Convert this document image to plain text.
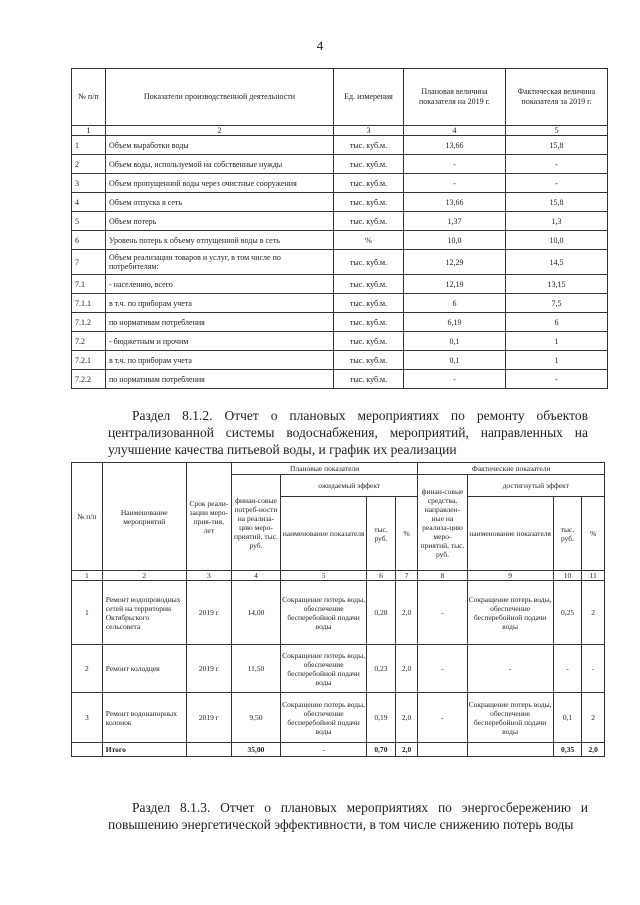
4
№ п/п	Показатели производственной деятельности	Ед. измерения	Плановая величина показателя на 2019 г.	Фактическая величина показателя за 2019 г.
1	2	3	4	5
1	Объем выработки воды	тыс. куб.м.	13,66	15,8
2	Объем воды, используемой на собственные нужды	тыс. куб.м.	-	-
3	Объем пропущенной воды через очистные сооружения	тыс. куб.м.	-	-
4	Объем отпуска в сеть	тыс. куб.м.	13,66	15,8
5	Объем потерь	тыс. куб.м.	1,37	1,3
6	Уровень потерь к объему отпущенной воды в сеть	%	10,0	10,0
7	Объем реализации товаров и услуг, в том числе по потребителям:	тыс. куб.м.	12,29	14,5
7.1	- населению, всего	тыс. куб.м.	12,19	13,15
7.1.1	в т.ч. по приборам учета	тыс. куб.м.	6	7,5
7.1.2	по нормативам потребления	тыс. куб.м.	6,19	6
7.2	- бюджетным и прочим	тыс. куб.м.	0,1	1
7.2.1	в т.ч. по приборам учета	тыс. куб.м.	0,1	1
7.2.2	по нормативам потребления	тыс. куб.м.	-	-
Раздел 8.1.2. Отчет о плановых мероприятиях по ремонту объектов централизованной системы водоснабжения, мероприятий, направленных на улучшение качества питьевой воды, и график их реализации
№ п/п	Наименование мероприятий	Срок реали-зации меро-прия-тия, лет	Плановые показатели				Фактические показатели			
			финан-совые потреб-ности на реализа-цию меро-приятий, тыс. руб.	ожидаемый эффект			финан-совые средства, направлен-ные на реализа-цию меро-приятий, тыс. руб.	достигнутый эффект		
				наименование показателя	тыс. руб.	%		наименование показателя	тыс. руб.	%
1	2	3	4	5	6	7	8	9	10	11
1	Ремонт водопроводных сетей на территории Октябрьского сельсовета	2019 г	14,00	Сокращение потерь воды, обеспечение бесперебойной подачи воды	0,28	2,0	-	Сокращение потерь воды, обеспечение бесперебойной подачи воды	0,25	2
2	Ремонт колодцев	2019 г	11,50	Сокращение потерь воды, обеспечение бесперебойной подачи воды	0,23	2,0	-	-	-	-
3	Ремонт водонапорных колонок	2019 г	9,50	Сокращение потерь воды, обеспечение бесперебойной подачи воды	0,19	2,0	-	Сокращение потерь воды, обеспечение бесперебойной подачи воды	0,1	2
	Итого		35,00	-	0,70	2,0			0,35	2,0
Раздел 8.1.3. Отчет о плановых мероприятиях по энергосбережению и повышению энергетической эффективности, в том числе снижению потерь воды
